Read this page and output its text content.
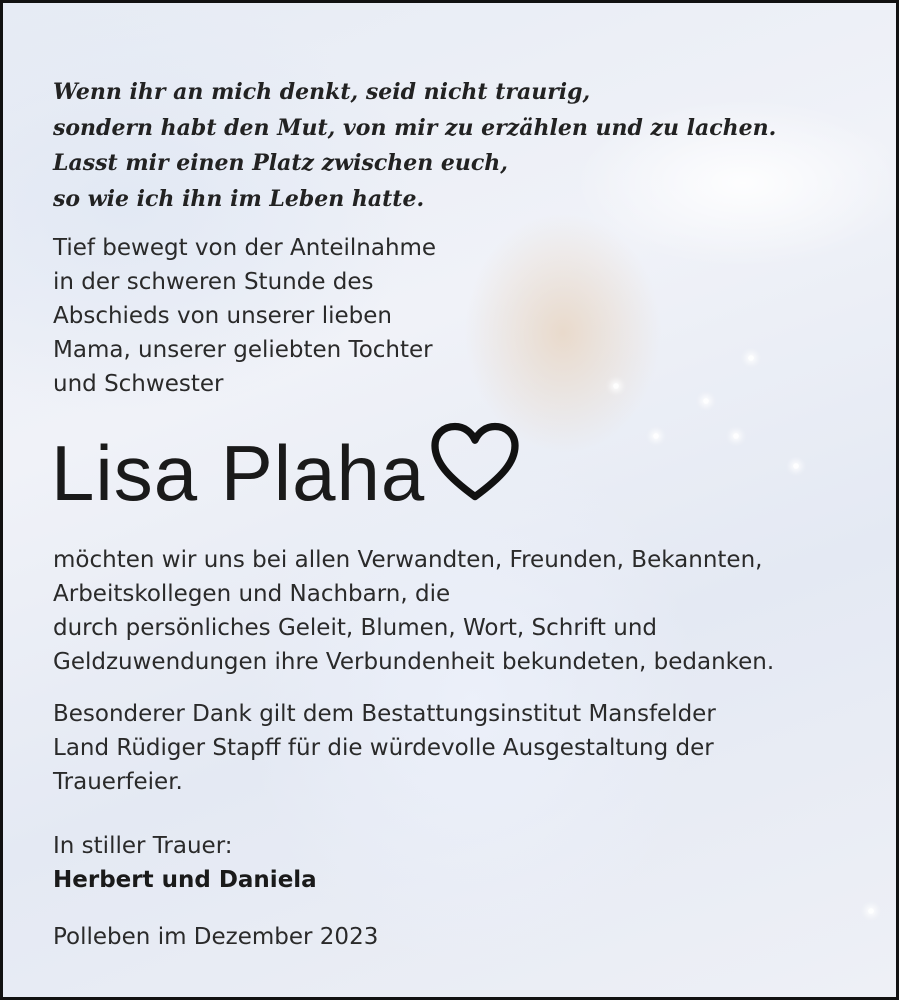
Wenn ihr an mich denkt, seid nicht traurig,
sondern habt den Mut, von mir zu erzählen und zu lachen.
Lasst mir einen Platz zwischen euch,
so wie ich ihn im Leben hatte.
Tief bewegt von der Anteilnahme
in der schweren Stunde des
Abschieds von unserer lieben
Mama, unserer geliebten Tochter
und Schwester
Lisa Plaha
möchten wir uns bei allen Verwandten, Freunden, Bekannten,
Arbeitskollegen und Nachbarn, die
durch persönliches Geleit, Blumen, Wort, Schrift und
Geldzuwendungen ihre Verbundenheit bekundeten, bedanken.
Besonderer Dank gilt dem Bestattungsinstitut Mansfelder
Land Rüdiger Stapff für die würdevolle Ausgestaltung der
Trauerfeier.
In stiller Trauer:
Herbert und Daniela
Polleben im Dezember 2023
